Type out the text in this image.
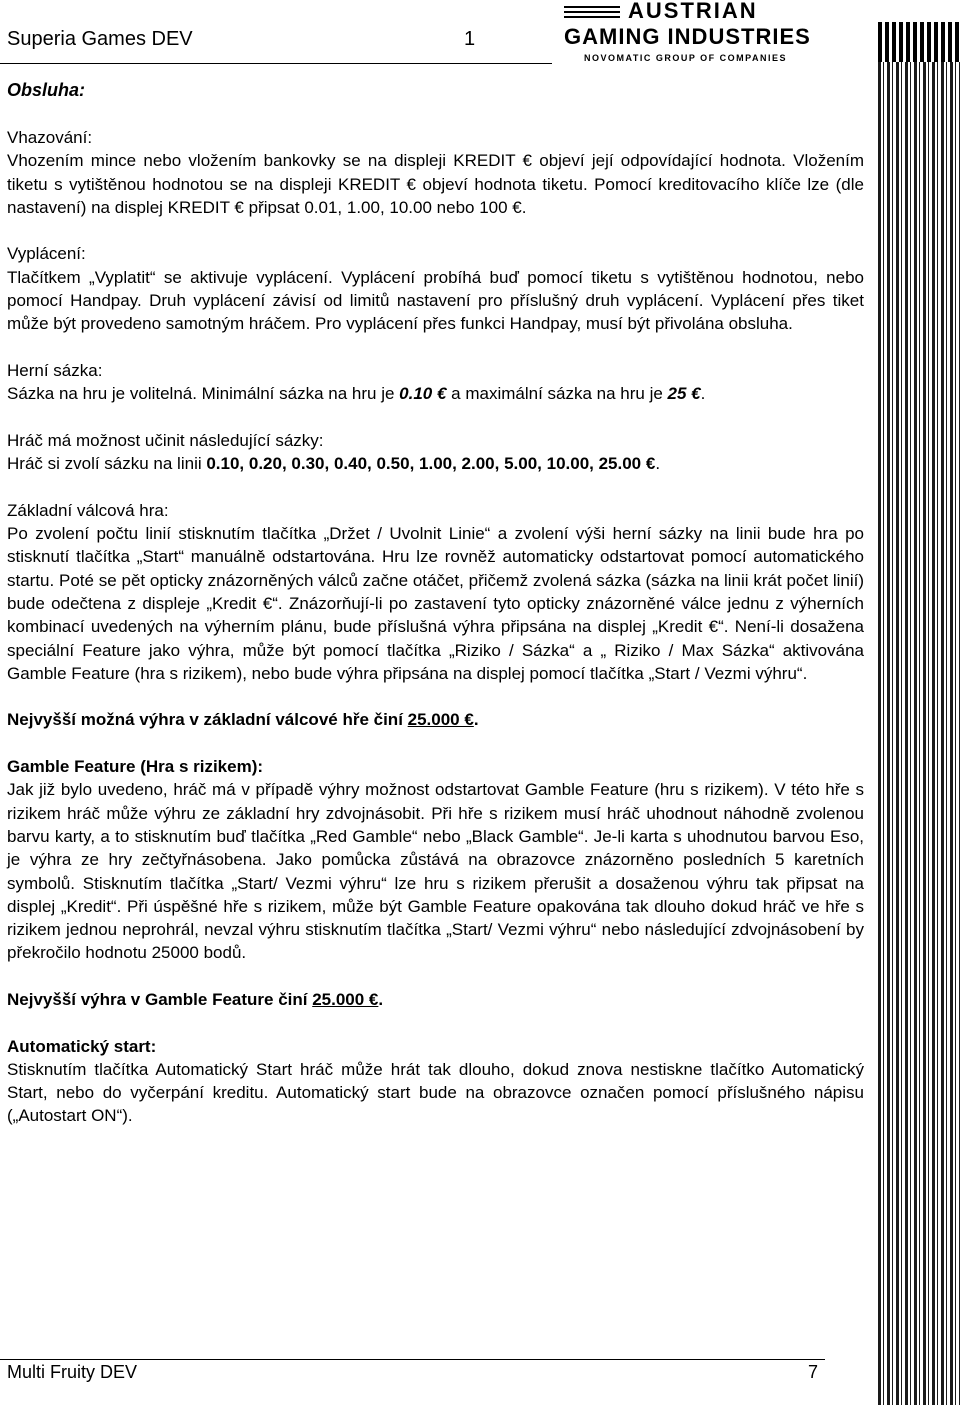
Superia Games DEV	1
AUSTRIAN
GAMING INDUSTRIES
NOVOMATIC GROUP OF COMPANIES
Obsluha:
Vhazování:

Vhozením mince nebo vložením bankovky se na displeji KREDIT € objeví její odpovídající hodnota. Vložením tiketu s vytištěnou hodnotou se na displeji KREDIT € objeví hodnota tiketu. Pomocí kreditovacího klíče lze (dle nastavení) na displej KREDIT € připsat 0.01, 1.00, 10.00 nebo 100 €.

Vyplácení:

Tlačítkem „Vyplatit“ se aktivuje vyplácení. Vyplácení probíhá buď pomocí tiketu s vytištěnou hodnotou, nebo pomocí Handpay. Druh vyplácení závisí od limitů nastavení pro příslušný druh vyplácení. Vyplácení přes tiket může být provedeno samotným hráčem. Pro vyplácení přes funkci Handpay, musí být přivolána obsluha.

Herní sázka:

Sázka na hru je volitelná. Minimální sázka na hru je 0.10 € a maximální sázka na hru je 25 €.

Hráč má možnost učinit následující sázky:

Hráč si zvolí sázku na linii 0.10, 0.20, 0.30, 0.40, 0.50, 1.00, 2.00, 5.00, 10.00, 25.00 €.

Základní válcová hra:

Po zvolení počtu linií stisknutím tlačítka „Držet / Uvolnit Linie“ a zvolení výši herní sázky na linii bude hra po stisknutí tlačítka „Start“ manuálně odstartována. Hru lze rovněž automaticky odstartovat pomocí automatického startu. Poté se pět opticky znázorněných válců začne otáčet, přičemž zvolená sázka (sázka na linii krát počet linií) bude odečtena z displeje „Kredit €“. Znázorňují-li po zastavení tyto opticky znázorněné válce jednu z výherních kombinací uvedených na výherním plánu, bude příslušná výhra připsána na displej „Kredit €“. Není-li dosažena speciální Feature jako výhra, může být pomocí tlačítka „Riziko / Sázka“ a „ Riziko / Max Sázka“ aktivována Gamble Feature (hra s rizikem), nebo bude výhra připsána na displej pomocí tlačítka „Start / Vezmi výhru“.

Nejvyšší možná výhra v základní válcové hře činí 25.000 €.

Gamble Feature (Hra s rizikem):

Jak již bylo uvedeno, hráč má v případě výhry možnost odstartovat Gamble Feature (hru s rizikem). V této hře s rizikem hráč může výhru ze základní hry zdvojnásobit. Při hře s rizikem musí hráč uhodnout náhodně zvolenou barvu karty, a to stisknutím buď tlačítka „Red Gamble“ nebo „Black Gamble“. Je-li karta s uhodnutou barvou Eso, je výhra ze hry zečtyřnásobena. Jako pomůcka zůstává na obrazovce znázorněno posledních 5 karetních symbolů. Stisknutím tlačítka „Start/ Vezmi výhru“ lze hru s rizikem přerušit a dosaženou výhru tak připsat na displej „Kredit“. Při úspěšné hře s rizikem, může být Gamble Feature opakována tak dlouho dokud hráč ve hře s rizikem jednou neprohrál, nevzal výhru stisknutím tlačítka „Start/ Vezmi výhru“ nebo následující zdvojnásobení by překročilo hodnotu 25000 bodů.

Nejvyšší výhra v Gamble Feature činí 25.000 €.

Automatický start:

Stisknutím tlačítka Automatický Start hráč může hrát tak dlouho, dokud znova nestiskne tlačítko Automatický Start, nebo do vyčerpání kreditu. Automatický start bude na obrazovce označen pomocí příslušného nápisu („Autostart ON“).

Multi Fruity DEV	7
